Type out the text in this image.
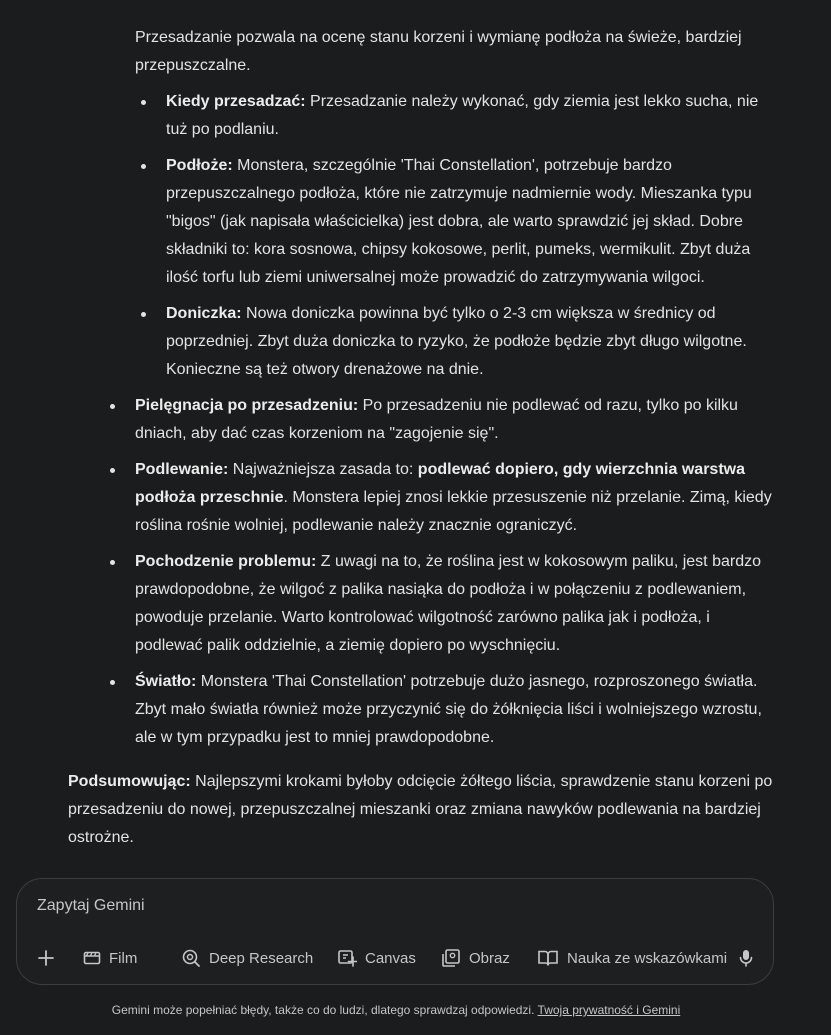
Przesadzanie pozwala na ocenę stanu korzeni i wymianę podłoża na świeże, bardziej przepuszczalne.

Kiedy przesadzać: Przesadzanie należy wykonać, gdy ziemia jest lekko sucha, nie tuż po podlaniu.
Podłoże: Monstera, szczególnie 'Thai Constellation', potrzebuje bardzo przepuszczalnego podłoża, które nie zatrzymuje nadmiernie wody. Mieszanka typu "bigos" (jak napisała właścicielka) jest dobra, ale warto sprawdzić jej skład. Dobre składniki to: kora sosnowa, chipsy kokosowe, perlit, pumeks, wermikulit. Zbyt duża ilość torfu lub ziemi uniwersalnej może prowadzić do zatrzymywania wilgoci.
Doniczka: Nowa doniczka powinna być tylko o 2-3 cm większa w średnicy od poprzedniej. Zbyt duża doniczka to ryzyko, że podłoże będzie zbyt długo wilgotne. Konieczne są też otwory drenażowe na dnie.
Pielęgnacja po przesadzeniu: Po przesadzeniu nie podlewać od razu, tylko po kilku dniach, aby dać czas korzeniom na "zagojenie się".
Podlewanie: Najważniejsza zasada to: podlewać dopiero, gdy wierzchnia warstwa podłoża przeschnie. Monstera lepiej znosi lekkie przesuszenie niż przelanie. Zimą, kiedy roślina rośnie wolniej, podlewanie należy znacznie ograniczyć.
Pochodzenie problemu: Z uwagi na to, że roślina jest w kokosowym paliku, jest bardzo prawdopodobne, że wilgoć z palika nasiąka do podłoża i w połączeniu z podlewaniem, powoduje przelanie. Warto kontrolować wilgotność zarówno palika jak i podłoża, i podlewać palik oddzielnie, a ziemię dopiero po wyschnięciu.
Światło: Monstera 'Thai Constellation' potrzebuje dużo jasnego, rozproszonego światła. Zbyt mało światła również może przyczynić się do żółknięcia liści i wolniejszego wzrostu, ale w tym przypadku jest to mniej prawdopodobne.

Podsumowując: Najlepszymi krokami byłoby odcięcie żółtego liścia, sprawdzenie stanu korzeni po przesadzeniu do nowej, przepuszczalnej mieszanki oraz zmiana nawyków podlewania na bardziej ostrożne.

Zapytaj Gemini
Film	Deep Research	Canvas	Obraz	Nauka ze wskazówkami
Gemini może popełniać błędy, także co do ludzi, dlatego sprawdzaj odpowiedzi. Twoja prywatność i Gemini
